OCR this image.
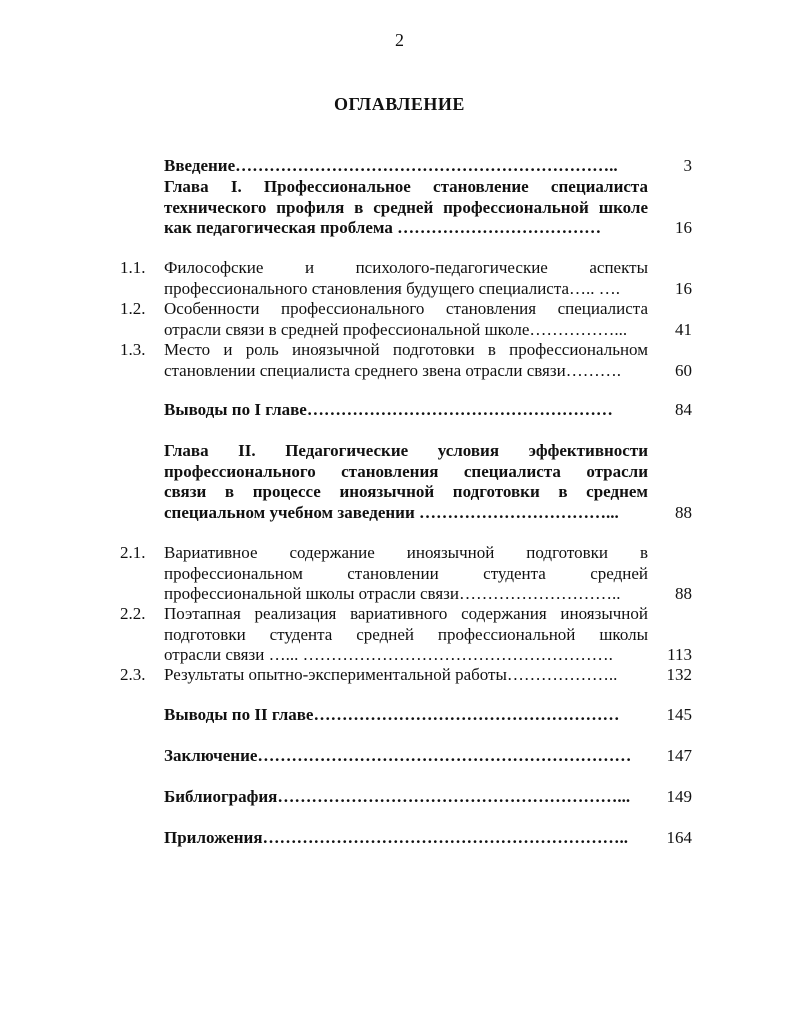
2
ОГЛАВЛЕНИЕ
Введение…………………………………………………………..	3
Глава I. Профессиональное становление специалиста
технического профиля в средней профессиональной школе
как педагогическая проблема ………………………………	16
1.1.	Философские и психолого-педагогические аспекты
профессионального становления будущего специалиста….. ….	16
1.2.	Особенности профессионального становления специалиста
отрасли связи в средней профессиональной школе……………...	41
1.3.	Место и роль иноязычной подготовки в профессиональном
становлении специалиста среднего звена отрасли связи……….	60
Выводы по I главе………………………………………………	84
Глава II. Педагогические условия эффективности
профессионального становления специалиста отрасли
связи в процессе иноязычной подготовки в среднем
специальном учебном заведении ……………………………...	88
2.1.	Вариативное содержание иноязычной подготовки в
профессиональном становлении студента средней
профессиональной школы отрасли связи………………………..	88
2.2.	Поэтапная реализация вариативного содержания иноязычной
подготовки студента средней профессиональной школы
отрасли связи …... ……………………………………………….	113
2.3.	Результаты опытно-экспериментальной работы………………..	132
Выводы по II главе………………………………………………	145
Заключение…………………………………………………………	147
Библиография……………………………………………………...	149
Приложения………………………………………………………..	164
